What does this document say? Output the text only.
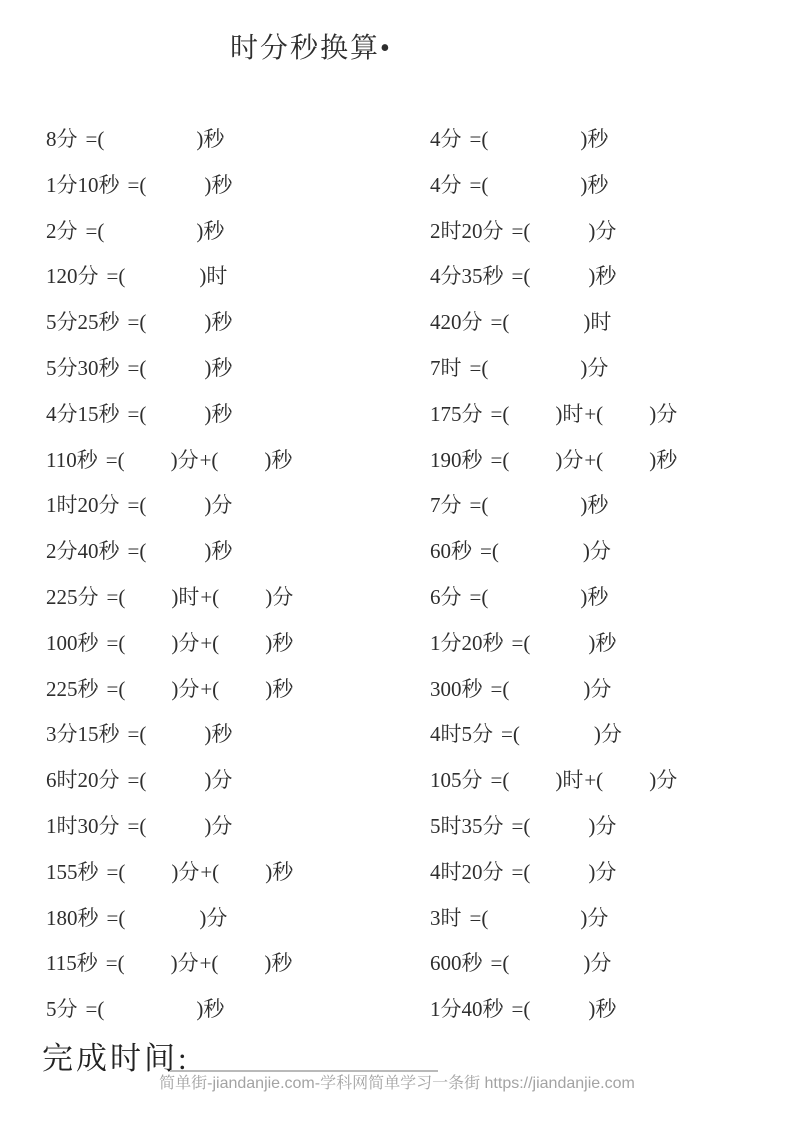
时分秒换算•
8分 =(	) 秒
1分10秒 =(	) 秒
2分 =(	) 秒
120分 =(	) 时
5分25秒 =(	) 秒
5分30秒 =(	) 秒
4分15秒 =(	) 秒
110秒 =( ) 分 +( ) 秒
1时20分 =(	) 分
2分40秒 =(	) 秒
225分 =( ) 时 +( ) 分
100秒 =( ) 分 +( ) 秒
225秒 =( ) 分 +( ) 秒
3分15秒 =(	) 秒
6时20分 =(	) 分
1时30分 =(	) 分
155秒 =( ) 分 +( ) 秒
180秒 =(	) 分
115秒 =( ) 分 +( ) 秒
5分 =(	) 秒
4分 =(	) 秒
4分 =(	) 秒
2时20分 =(	) 分
4分35秒 =(	) 秒
420分 =(	) 时
7时 =(	) 分
175分 =( ) 时 +( ) 分
190秒 =( ) 分 +( ) 秒
7分 =(	) 秒
60秒 =(	) 分
6分 =(	) 秒
1分20秒 =(	) 秒
300秒 =(	) 分
4时5分 =(	) 分
105分 =( ) 时 +( ) 分
5时35分 =(	) 分
4时20分 =(	) 分
3时 =(	) 分
600秒 =(	) 分
1分40秒 =(	) 秒
完成时间:
简单街-jiandanjie.com-学科网简单学习一条街 https://jiandanjie.com
